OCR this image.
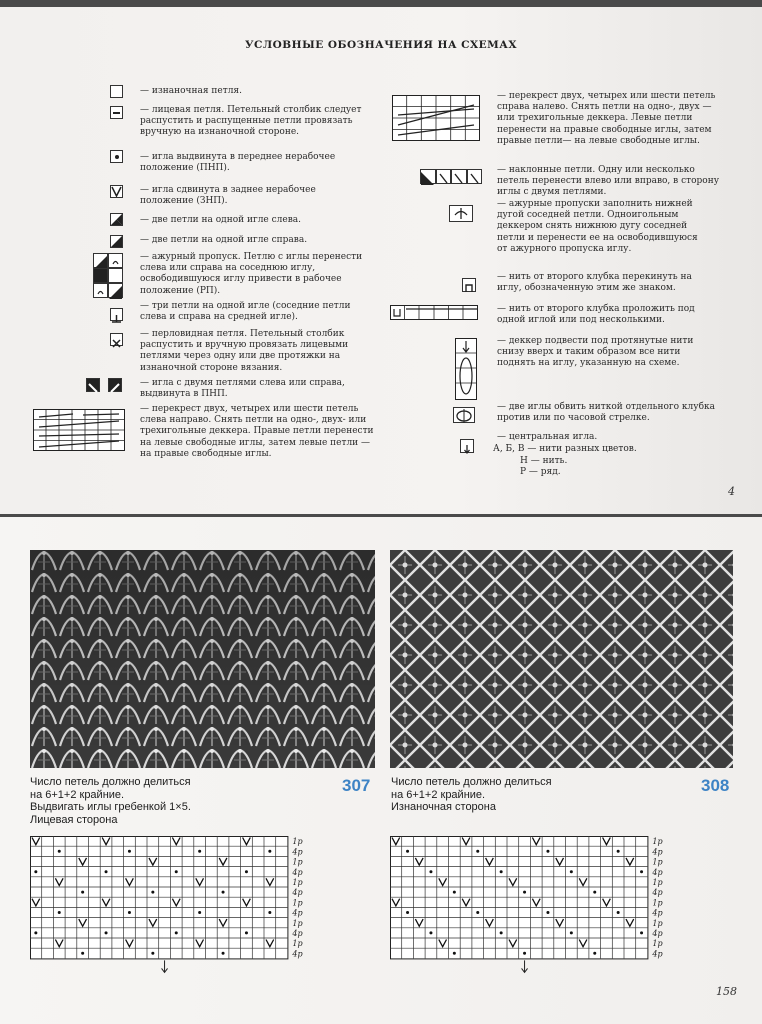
УСЛОВНЫЕ ОБОЗНАЧЕНИЯ НА СХЕМАХ
— изнаночная петля.
— лицевая петля. Петельный столбик следует распустить и распущенные петли провязать вручную на изнаночной стороне.
— игла выдвинута в переднее нерабочее положение (ПНП).
— игла сдвинута в заднее нерабочее положение (ЗНП).
— две петли на одной игле слева.
— две петли на одной игле справа.
— ажурный пропуск. Петлю с иглы перенести слева или справа на соседнюю иглу, освободившуюся иглу привести в рабочее положение (РП).
— три петли на одной игле (соседние петли слева и справа на средней игле).
— перловидная петля. Петельный столбик распустить и вручную провязать лицевыми петлями через одну или две протяжки на изнаночной стороне вязания.
— игла с двумя петлями слева или справа, выдвинута в ПНП.
— перекрест двух, четырех или шести петель слева направо. Снять петли на одно-, двух- или трехигольные деккера. Правые петли перенести на левые свободные иглы, затем левые петли — на правые свободные иглы.
— перекрест двух, четырех или шести петель справа налево. Снять петли на одно-, двух — или трехигольные деккера. Левые петли перенести на правые свободные иглы, затем правые петли— на левые свободные иглы.
— наклонные петли. Одну или несколько петель перенести влево или вправо, в сторону иглы с двумя петлями.
— ажурные пропуски заполнить нижней дугой соседней петли. Одноигольным деккером снять нижнюю дугу соседней петли и перенести ее на освободившуюся от ажурного пропуска иглу.
— нить от второго клубка перекинуть на иглу, обозначенную этим же знаком.
— нить от второго клубка проложить под одной иглой или под несколькими.
— деккер подвести под протянутые нити снизу вверх и таким образом все нити поднять на иглу, указанную на схеме.
— две иглы обвить ниткой отдельного клубка против или по часовой стрелке.
— центральная игла.
А, Б, В — нити разных цветов.
Н — нить.
Р — ряд.
4
Число петель должно делиться
на 6+1+2 крайние.
Выдвигать иглы гребенкой 1×5.
Лицевая сторона
307 Число петель должно делиться
на 6+1+2 крайние.
Изнаночная сторона
308
1р
4р
1р
4р
1р
4р
1р
4р
1р
4р
1р
4р
1р
4р
1р
4р
1р
4р
1р
4р
1р
4р
1р
4р
158
